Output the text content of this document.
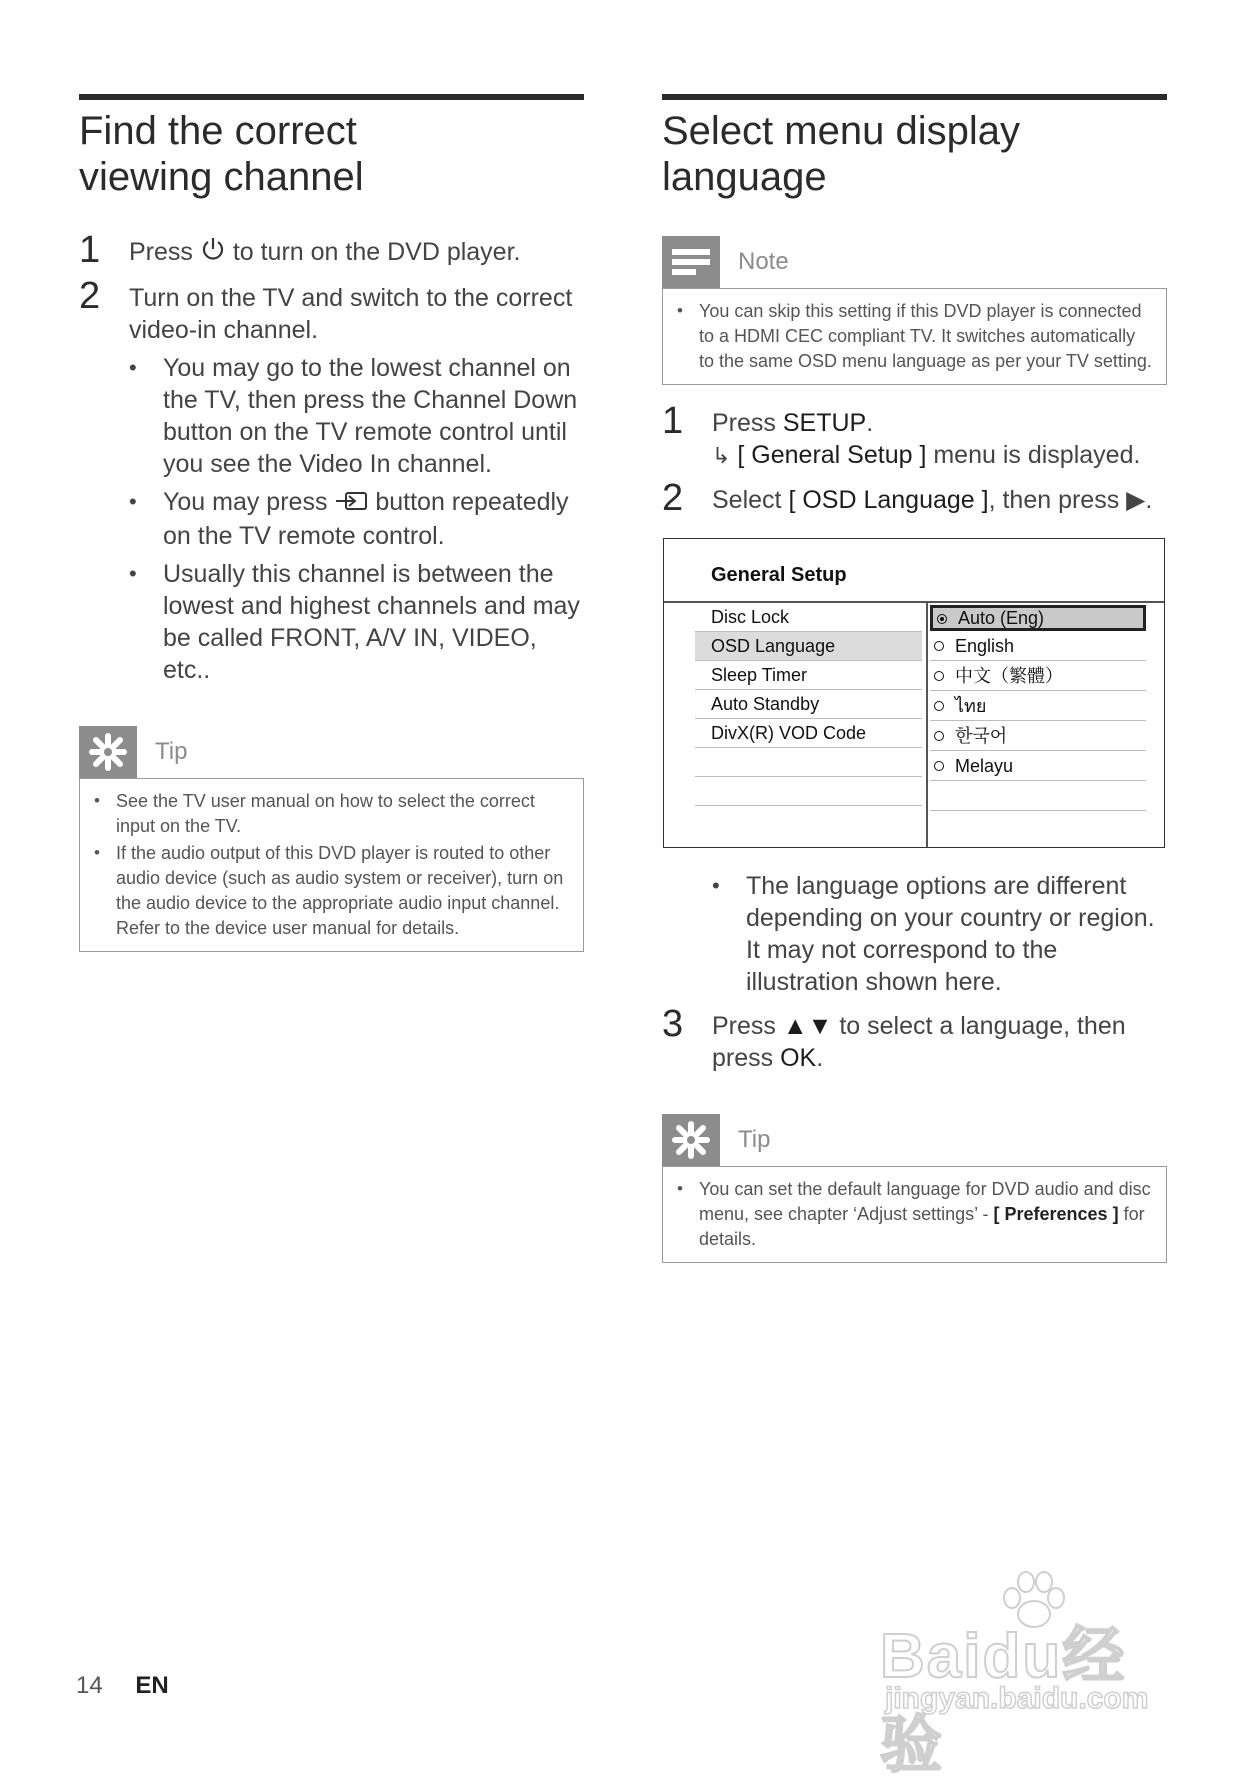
Find the correct viewing channel
1 Press to turn on the DVD player.
2 Turn on the TV and switch to the correct video-in channel.
• You may go to the lowest channel on the TV, then press the Channel Down button on the TV remote control until you see the Video In channel.
• You may press button repeatedly on the TV remote control.
• Usually this channel is between the lowest and highest channels and may be called FRONT, A/V IN, VIDEO, etc..
Tip
• See the TV user manual on how to select the correct input on the TV.
• If the audio output of this DVD player is routed to other audio device (such as audio system or receiver), turn on the audio device to the appropriate audio input channel. Refer to the device user manual for details.
Select menu display language
Note
• You can skip this setting if this DVD player is connected to a HDMI CEC compliant TV. It switches automatically to the same OSD menu language as per your TV setting.
1 Press SETUP.
↳ [ General Setup ] menu is displayed.
2 Select [ OSD Language ], then press ▶.
General Setup
Disc Lock
OSD Language
Sleep Timer
Auto Standby
DivX(R) VOD Code
Auto (Eng)
English
中文（繁體）
ไทย
한국어
Melayu
• The language options are different depending on your country or region. It may not correspond to the illustration shown here.
3 Press ▲▼ to select a language, then press OK.
Tip
• You can set the default language for DVD audio and disc menu, see chapter ‘Adjust settings’ - [ Preferences ] for details.
14 EN	Baidu经验
jingyan.baidu.com
